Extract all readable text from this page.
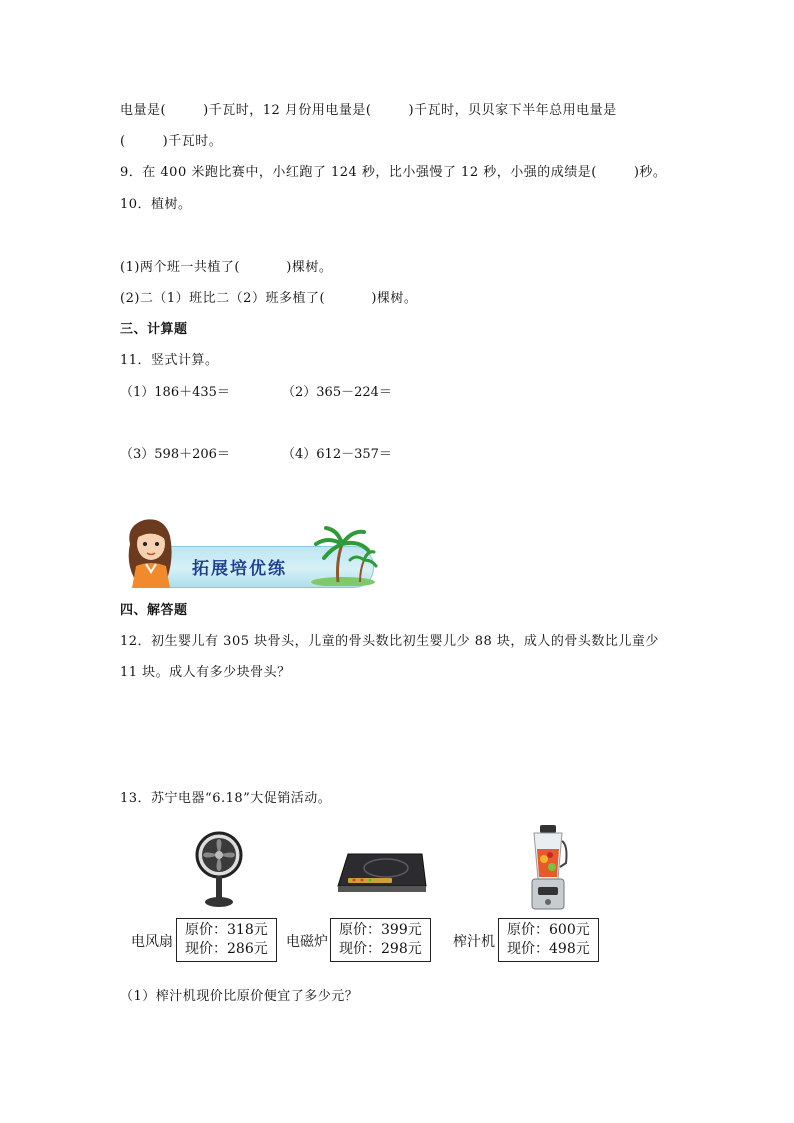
电量是(        )千瓦时，12 月份用电量是(        )千瓦时，贝贝家下半年总用电量是
(        )千瓦时。
9．在 400 米跑比赛中，小红跑了 124 秒，比小强慢了 12 秒，小强的成绩是(        )秒。
10．植树。
(1)两个班一共植了(          )棵树。
(2)二（1）班比二（2）班多植了(          )棵树。
三、计算题
11．竖式计算。
（1）186＋435＝	（2）365－224＝
（3）598＋206＝	（4）612－357＝
拓展培优练
四、解答题
12．初生婴儿有 305 块骨头，儿童的骨头数比初生婴儿少 88 块，成人的骨头数比儿童少
11 块。成人有多少块骨头？
13．苏宁电器“6.18”大促销活动。
电风扇
原价：318元
现价：286元 电磁炉
原价：399元
现价：298元 榨汁机
原价：600元
现价：498元
（1）榨汁机现价比原价便宜了多少元？
